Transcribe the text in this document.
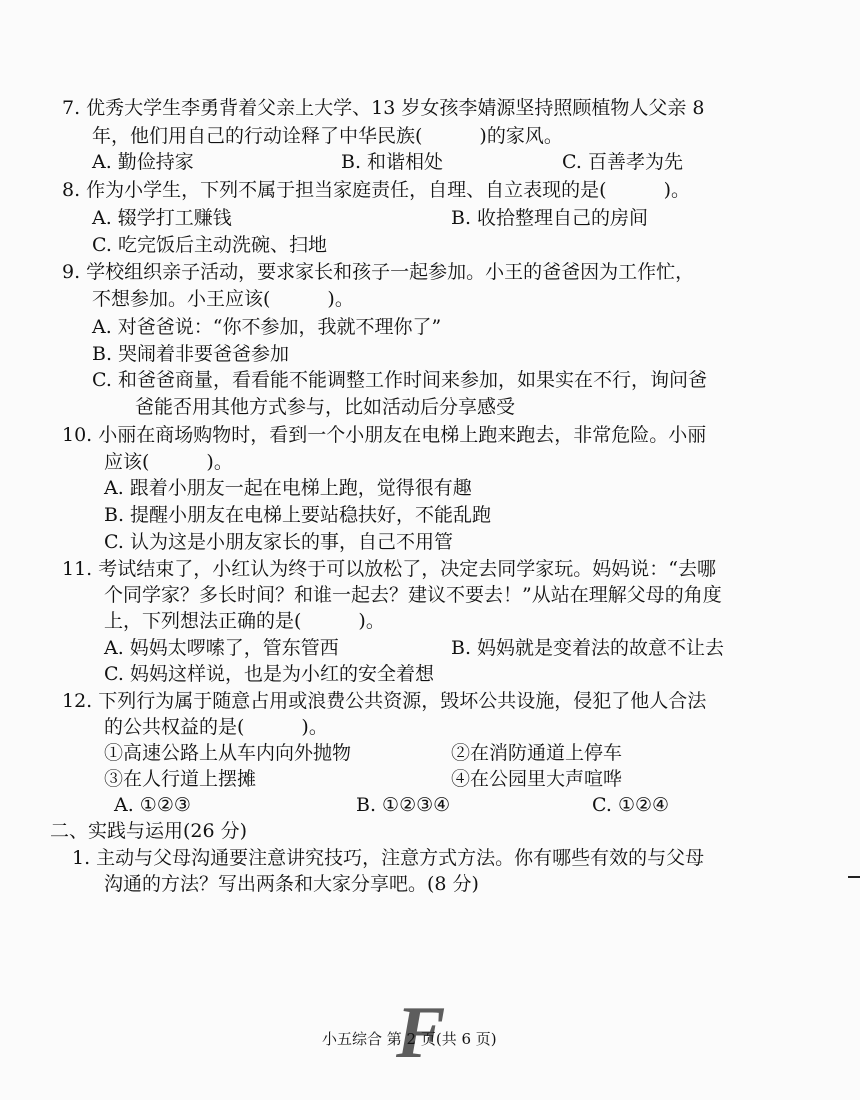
7. 优秀大学生李勇背着父亲上大学、13 岁女孩李婧源坚持照顾植物人父亲 8
年，他们用自己的行动诠释了中华民族(　　　)的家风。
A. 勤俭持家	B. 和谐相处	C. 百善孝为先
8. 作为小学生，下列不属于担当家庭责任，自理、自立表现的是(　　　)。
A. 辍学打工赚钱	B. 收拾整理自己的房间
C. 吃完饭后主动洗碗、扫地
9. 学校组织亲子活动，要求家长和孩子一起参加。小王的爸爸因为工作忙，
不想参加。小王应该(　　　)。
A. 对爸爸说：“你不参加，我就不理你了”
B. 哭闹着非要爸爸参加
C. 和爸爸商量，看看能不能调整工作时间来参加，如果实在不行，询问爸
爸能否用其他方式参与，比如活动后分享感受
10. 小丽在商场购物时，看到一个小朋友在电梯上跑来跑去，非常危险。小丽
应该(　　　)。
A. 跟着小朋友一起在电梯上跑，觉得很有趣
B. 提醒小朋友在电梯上要站稳扶好，不能乱跑
C. 认为这是小朋友家长的事，自己不用管
11. 考试结束了，小红认为终于可以放松了，决定去同学家玩。妈妈说：“去哪
个同学家？多长时间？和谁一起去？建议不要去！”从站在理解父母的角度
上，下列想法正确的是(　　　)。
A. 妈妈太啰嗦了，管东管西	B. 妈妈就是变着法的故意不让去
C. 妈妈这样说，也是为小红的安全着想
12. 下列行为属于随意占用或浪费公共资源，毁坏公共设施，侵犯了他人合法
的公共权益的是(　　　)。
①高速公路上从车内向外抛物	②在消防通道上停车
③在人行道上摆摊	④在公园里大声喧哗
A. ①②③	B. ①②③④	C. ①②④
二、实践与运用(26 分)
1. 主动与父母沟通要注意讲究技巧，注意方式方法。你有哪些有效的与父母
沟通的方法？写出两条和大家分享吧。(8 分)
F
小五综合 第 2 页(共 6 页)
